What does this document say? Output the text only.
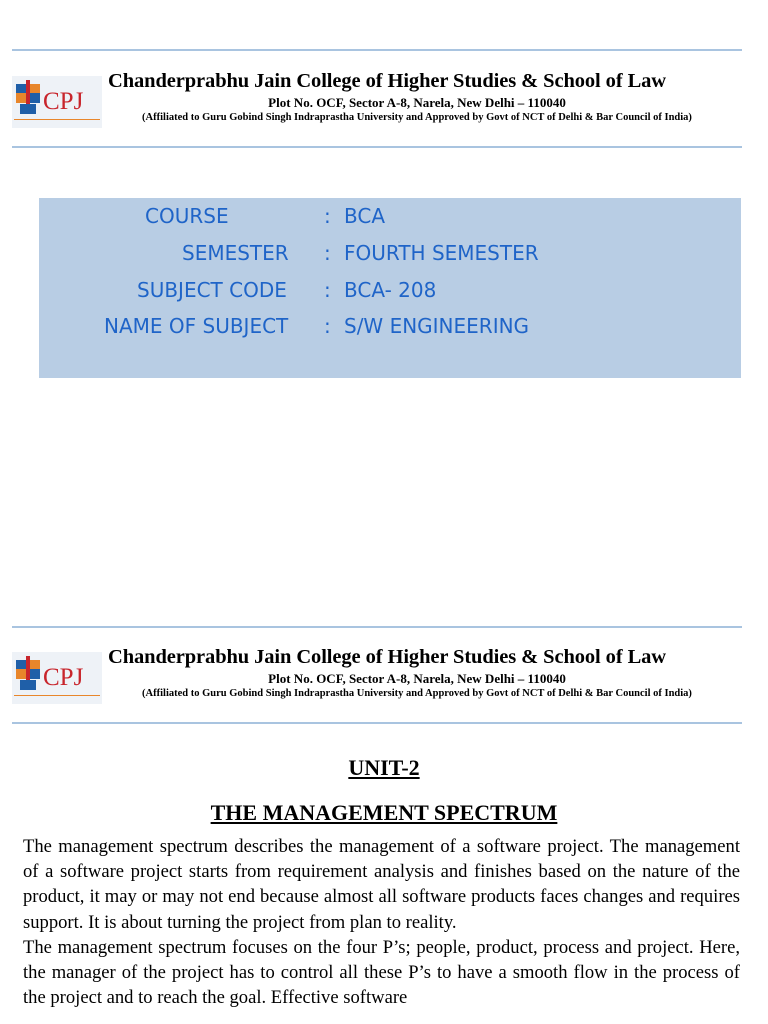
CPJ
Chanderprabhu Jain College of Higher Studies & School of Law
Plot No. OCF, Sector A-8, Narela, New Delhi – 110040
(Affiliated to Guru Gobind Singh Indraprastha University and Approved by Govt of NCT of Delhi & Bar Council of India)
COURSE	: BCA
SEMESTER : FOURTH SEMESTER
SUBJECT CODE : BCA- 208
NAME OF SUBJECT : S/W ENGINEERING
CPJ
Chanderprabhu Jain College of Higher Studies & School of Law
Plot No. OCF, Sector A-8, Narela, New Delhi – 110040
(Affiliated to Guru Gobind Singh Indraprastha University and Approved by Govt of NCT of Delhi & Bar Council of India)
UNIT-2
THE MANAGEMENT SPECTRUM

The management spectrum describes the management of a software project. The management of a software project starts from requirement analysis and finishes based on the nature of the product, it may or may not end because almost all software products faces changes and requires support. It is about turning the project from plan to reality.

The management spectrum focuses on the four P’s; people, product, process and project. Here, the manager of the project has to control all these P’s to have a smooth flow in the process of the project and to reach the goal. Effective software
